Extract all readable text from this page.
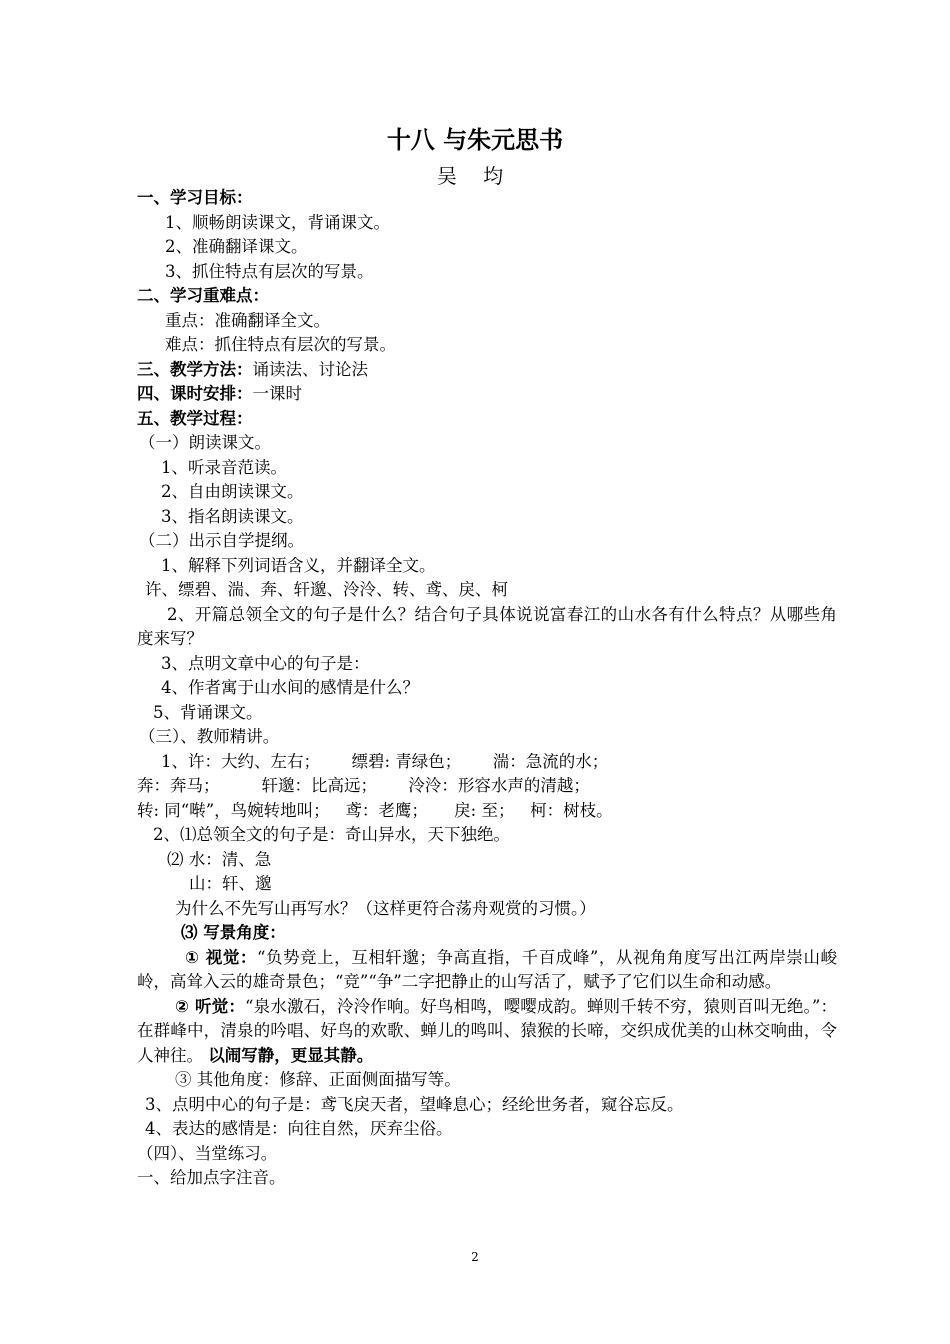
十八 与朱元思书
吴 均

一、学习目标：

1、顺畅朗读课文，背诵课文。

2、准确翻译课文。

3、抓住特点有层次的写景。

二、学习重难点：

重点：准确翻译全文。

难点：抓住特点有层次的写景。

三、教学方法：诵读法、讨论法

四、课时安排：一课时

五、教学过程：

（一）朗读课文。

1、听录音范读。

2、自由朗读课文。

3、指名朗读课文。

（二）出示自学提纲。

1、解释下列词语含义，并翻译全文。

许、缥碧、湍、奔、轩邈、泠泠、转、鸢、戾、柯

2、开篇总领全文的句子是什么？结合句子具体说说富春江的山水各有什么特点？从哪些角度来写？

3、点明文章中心的句子是：

4、作者寓于山水间的感情是什么？

5、背诵课文。

（三）、教师精讲。

1、许：大约、左右；      缥碧: 青绿色；      湍：急流的水；

奔：奔马；        轩邈：比高远；      泠泠：形容水声的清越；

转: 同“啭”，鸟婉转地叫；   鸢：老鹰；     戾: 至；   柯：树枝。

2、⑴总领全文的句子是：奇山异水，天下独绝。

⑵ 水：清、急

山：轩、邈

为什么不先写山再写水？（这样更符合荡舟观赏的习惯。）

⑶ 写景角度：

① 视觉：“负势竞上，互相轩邈；争高直指，千百成峰”，从视角角度写出江两岸崇山峻岭，高耸入云的雄奇景色；“竞”“争”二字把静止的山写活了，赋予了它们以生命和动感。

② 听觉：“泉水激石，泠泠作响。好鸟相鸣，嘤嘤成韵。蝉则千转不穷，猿则百叫无绝。”：在群峰中，清泉的吟唱、好鸟的欢歌、蝉儿的鸣叫、猿猴的长啼，交织成优美的山林交响曲，令人神往。 以闹写静，更显其静。

③ 其他角度：修辞、正面侧面描写等。

3、点明中心的句子是：鸢飞戾天者，望峰息心；经纶世务者，窥谷忘反。

4、表达的感情是：向往自然，厌弃尘俗。

（四）、当堂练习。

一、给加点字注音。

2
